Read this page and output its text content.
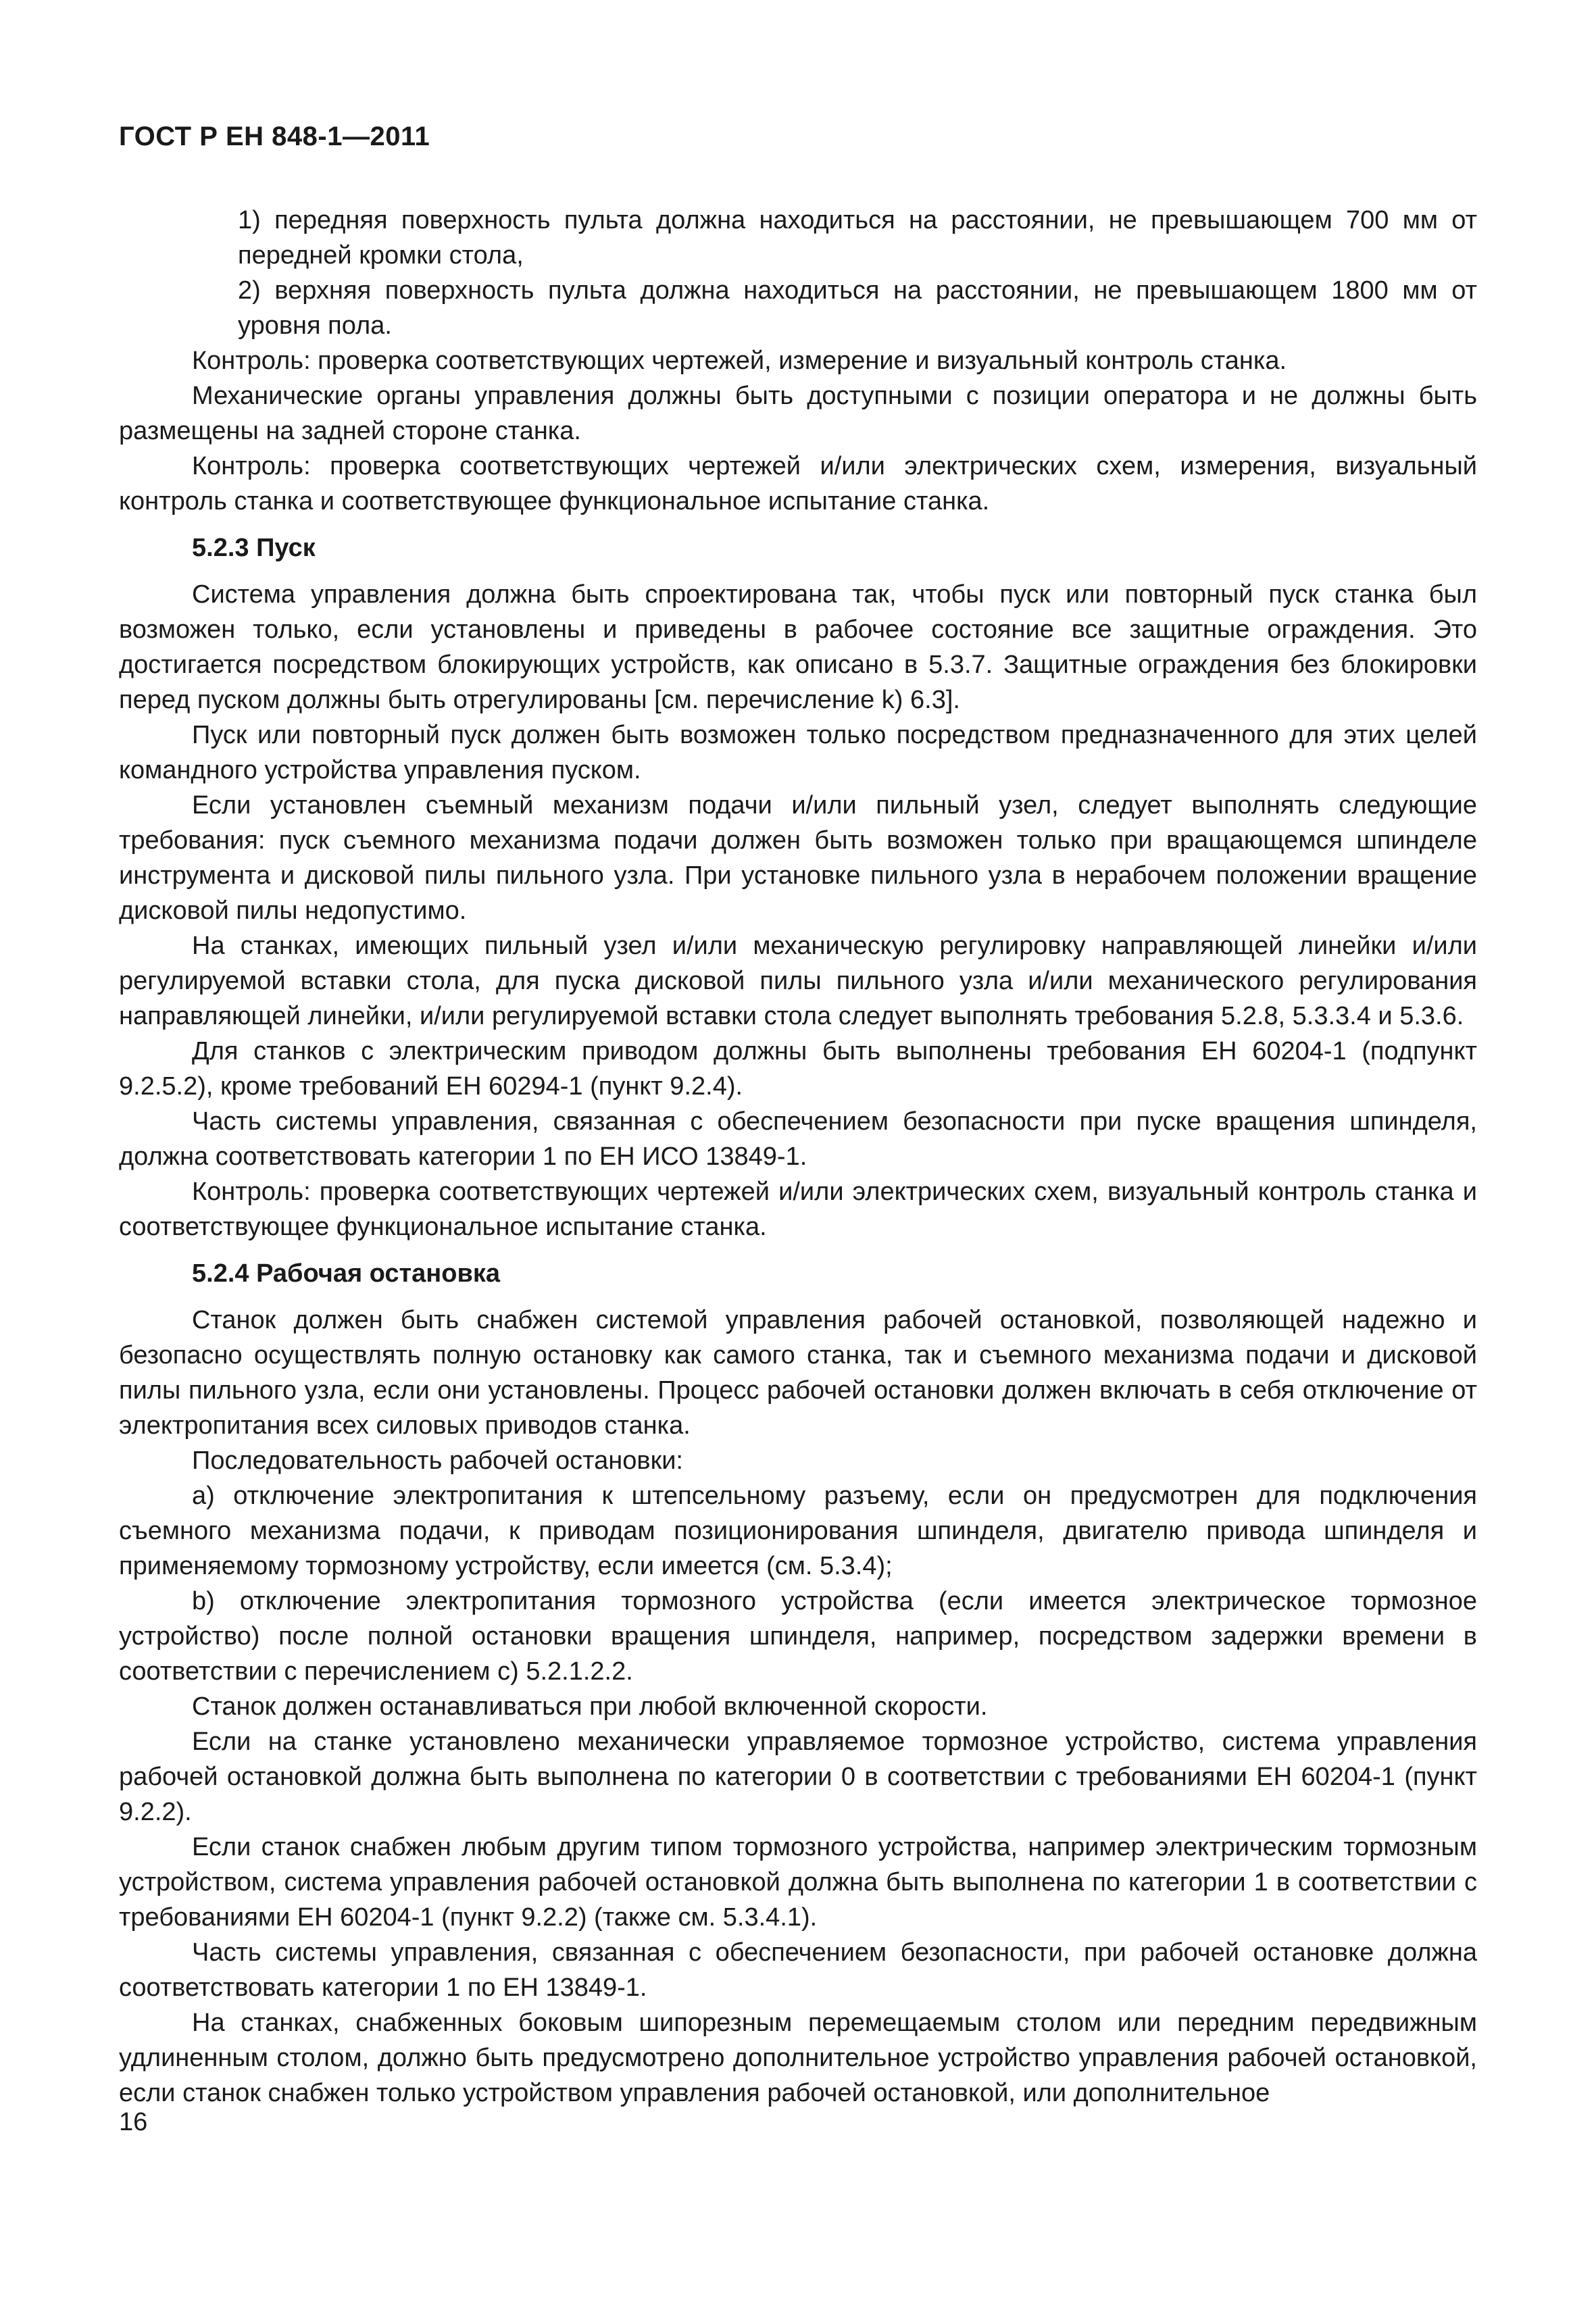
ГОСТ Р ЕН 848-1—2011

1) передняя поверхность пульта должна находиться на расстоянии, не превышающем 700 мм от передней кромки стола,

2) верхняя поверхность пульта должна находиться на расстоянии, не превышающем 1800 мм от уровня пола.

Контроль: проверка соответствующих чертежей, измерение и визуальный контроль станка.

Механические органы управления должны быть доступными с позиции оператора и не должны быть размещены на задней стороне станка.

Контроль: проверка соответствующих чертежей и/или электрических схем, измерения, визуальный контроль станка и соответствующее функциональное испытание станка.

5.2.3 Пуск

Система управления должна быть спроектирована так, чтобы пуск или повторный пуск станка был возможен только, если установлены и приведены в рабочее состояние все защитные ограждения. Это достигается посредством блокирующих устройств, как описано в 5.3.7. Защитные ограждения без блокировки перед пуском должны быть отрегулированы [см. перечисление k) 6.3].

Пуск или повторный пуск должен быть возможен только посредством предназначенного для этих целей командного устройства управления пуском.

Если установлен съемный механизм подачи и/или пильный узел, следует выполнять следующие требования: пуск съемного механизма подачи должен быть возможен только при вращающемся шпинделе инструмента и дисковой пилы пильного узла. При установке пильного узла в нерабочем положении вращение дисковой пилы недопустимо.

На станках, имеющих пильный узел и/или механическую регулировку направляющей линейки и/или регулируемой вставки стола, для пуска дисковой пилы пильного узла и/или механического регулирования направляющей линейки, и/или регулируемой вставки стола следует выполнять требования 5.2.8, 5.3.3.4 и 5.3.6.

Для станков с электрическим приводом должны быть выполнены требования ЕН 60204-1 (подпункт 9.2.5.2), кроме требований ЕН 60294-1 (пункт 9.2.4).

Часть системы управления, связанная с обеспечением безопасности при пуске вращения шпинделя, должна соответствовать категории 1 по ЕН ИСО 13849-1.

Контроль: проверка соответствующих чертежей и/или электрических схем, визуальный контроль станка и соответствующее функциональное испытание станка.

5.2.4 Рабочая остановка

Станок должен быть снабжен системой управления рабочей остановкой, позволяющей надежно и безопасно осуществлять полную остановку как самого станка, так и съемного механизма подачи и дисковой пилы пильного узла, если они установлены. Процесс рабочей остановки должен включать в себя отключение от электропитания всех силовых приводов станка.

Последовательность рабочей остановки:

a) отключение электропитания к штепсельному разъему, если он предусмотрен для подключения съемного механизма подачи, к приводам позиционирования шпинделя, двигателю привода шпинделя и применяемому тормозному устройству, если имеется (см. 5.3.4);

b) отключение электропитания тормозного устройства (если имеется электрическое тормозное устройство) после полной остановки вращения шпинделя, например, посредством задержки времени в соответствии с перечислением c) 5.2.1.2.2.

Станок должен останавливаться при любой включенной скорости.

Если на станке установлено механически управляемое тормозное устройство, система управления рабочей остановкой должна быть выполнена по категории 0 в соответствии с требованиями ЕН 60204-1 (пункт 9.2.2).

Если станок снабжен любым другим типом тормозного устройства, например электрическим тормозным устройством, система управления рабочей остановкой должна быть выполнена по категории 1 в соответствии с требованиями ЕН 60204-1 (пункт 9.2.2) (также см. 5.3.4.1).

Часть системы управления, связанная с обеспечением безопасности, при рабочей остановке должна соответствовать категории 1 по ЕН 13849-1.

На станках, снабженных боковым шипорезным перемещаемым столом или передним передвижным удлиненным столом, должно быть предусмотрено дополнительное устройство управления рабочей остановкой, если станок снабжен только устройством управления рабочей остановкой, или дополнительное

16
